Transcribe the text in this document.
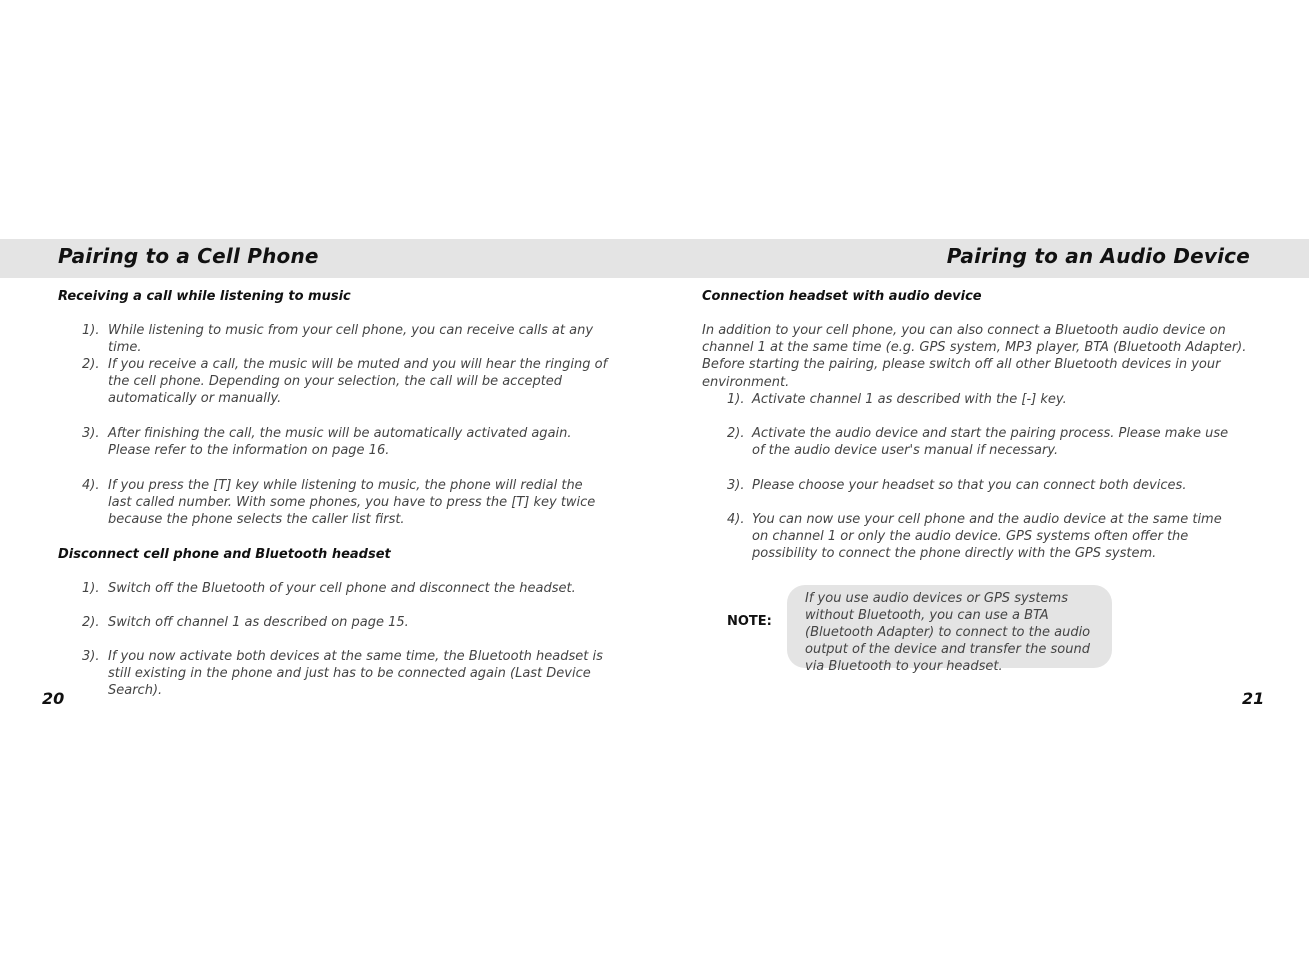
Pairing to a Cell Phone	Pairing to an Audio Device
Receiving a call while listening to music
1). While listening to music from your cell phone, you can receive calls at any time.
2). If you receive a call, the music will be muted and you will hear the ringing of the cell phone. Depending on your selection, the call will be accepted automatically or manually.
3). After finishing the call, the music will be automatically activated again. Please refer to the information on page 16.
4). If you press the [T] key while listening to music, the phone will redial the last called number. With some phones, you have to press the [T] key twice because the phone selects the caller list first.
Disconnect cell phone and Bluetooth headset
1). Switch off the Bluetooth of your cell phone and disconnect the headset.
2). Switch off channel 1 as described on page 15.
3). If you now activate both devices at the same time, the Bluetooth headset is still existing in the phone and just has to be connected again (Last Device Search).
20
Connection headset with audio device
In addition to your cell phone, you can also connect a Bluetooth audio device on channel 1 at the same time (e.g. GPS system, MP3 player, BTA (Bluetooth Adapter). Before starting the pairing, please switch off all other Bluetooth devices in your environment.
1). Activate channel 1 as described with the [-] key.
2). Activate the audio device and start the pairing process. Please make use of the audio device user's manual if necessary.
3). Please choose your headset so that you can connect both devices.
4). You can now use your cell phone and the audio device at the same time on channel 1 or only the audio device. GPS systems often offer the possibility to connect the phone directly with the GPS system.
NOTE:
If you use audio devices or GPS systems without Bluetooth, you can use a BTA (Bluetooth Adapter) to connect to the audio output of the device and transfer the sound via Bluetooth to your headset.
21
